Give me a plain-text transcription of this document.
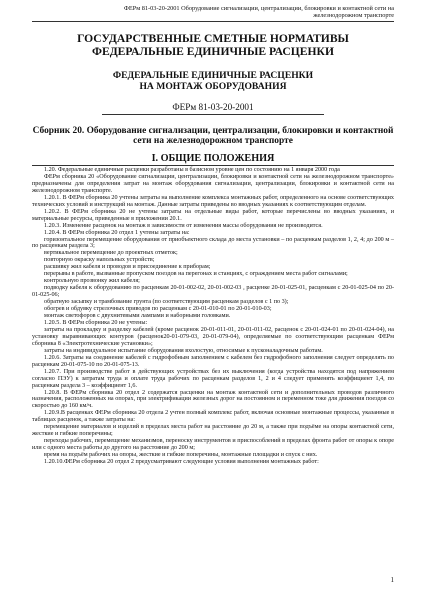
ФЕРм 81-03-20-2001 Оборудование сигнализации, централизации, блокировки и контактной сети на
железнодорожном транспорте
ГОСУДАРСТВЕННЫЕ СМЕТНЫЕ НОРМАТИВЫ
ФЕДЕРАЛЬНЫЕ ЕДИНИЧНЫЕ РАСЦЕНКИ
ФЕДЕРАЛЬНЫЕ ЕДИНИЧНЫЕ РАСЦЕНКИ
НА МОНТАЖ ОБОРУДОВАНИЯ
ФЕРм 81-03-20-2001
Сборник 20. Оборудование сигнализации, централизации, блокировки и контактной сети на железнодорожном транспорте
I. ОБЩИЕ ПОЛОЖЕНИЯ

1.20. Федеральные единичные расценки разработаны в базисном уровне цен по состоянию на 1 января 2000 года

ФЕРм сборника 20 «Оборудование сигнализации, централизации, блокировки и контактной сети на железнодорожном транспорте» предназначены для определения затрат на монтаж оборудования сигнализации, централизации, блокировки и контактной сети на железнодорожном транспорте.

1.20.1. В ФЕРм сборника 20 учтены затраты на выполнение комплекса монтажных работ, определенного на основе соответствующих технических условий и инструкций на монтаж. Данные затраты приведены во вводных указаниях к соответствующим отделам.

1.20.2. В ФЕРм сборника 20 не учтены затраты на отдельные виды работ, которые перечислены во вводных указаниях, и материальные ресурсы, приведенные в приложении 20.1.

1.20.3. Изменение расценок на монтаж в зависимости от изменения массы оборудования не производится.

1.20.4. В ФЕРм сборника 20 отдел 1 учтены затраты на:

горизонтальное перемещение оборудования от приобъектного склада до места установки – по расценкам разделов 1, 2, 4; до 200 м – по расценкам раздела 3;

вертикальное перемещение до проектных отметок;

повторную окраску напольных устройств;

расшивку жил кабеля и проводов и присоединение к приборам;

перерывы в работе, вызванные пропуском поездов на перегонах и станциях, с ограждением места работ сигналами;

контрольную прозвонку жил кабеля;

подводку кабеля к оборудованию по расценкам 20-01-002-02, 20-01-002-03 , расценке 20-01-025-01, расценкам с 20-01-025-04 по 20-01-025-06;

обратную засыпку и трамбование грунта (по соответствующим расценкам разделов с 1 по 3);

обогрев и обдувку стрелочных приводов по расценкам с 20-01-010-01 по 20-01-010-03;

монтаж светофоров с двухнитевыми лампами и наборными головками.

1.20.5. В ФЕРм сборника 20 не учтены:

затраты на прокладку и разделку кабелей (кроме расценок 20-01-011-01, 20-01-011-02, расценок с 20-01-024-01 по 20-01-024-04), на установку выравнивающих контуров (расценок20-01-079-03, 20-01-079-04), определяемые по соответствующим расценкам ФЕРм сборника 8 «Электротехнические установки»;

затраты на индивидуальное испытание оборудования вхолостую, относимые к пусконаладочным работам.

1.20.6. Затраты на соединение кабелей с гидрофобным заполнением с кабелем без гидрофобного заполнения следует определять по расценкам 20-01-075-10 по 20-01-075-13.

1.20.7. При производстве работ в действующих устройствах без их выключения (когда устройства находятся под напряжением согласно ПЭУ) к затратам труда и оплате труда рабочих по расценкам разделов 1, 2 и 4 следует применять коэффициент 1,4, по расценкам раздела 3 – коэффициент 1,6.

1.20.8. В ФЕРм сборника 20 отдел 2 содержатся расценки на монтаж контактной сети и дополнительных проводов различного назначения, расположенных на опорах, при электрификации железных дорог на постоянном и переменном токе для движения поездов со скоростью до 160 км/ч.

1.20.9.В расценках ФЕРм сборника 20 отдела 2 учтен полный комплекс работ, включая основные монтажные процессы, указанные в таблицах расценок, а также затраты на:

перемещение материалов и изделий в пределах места работ на расстояние до 20 м, а также при подъёме на опоры контактной сети, жесткие и гибкие поперечины;

переходы рабочих, перемещение механизмов, переноску инструментов и приспособлений в пределах фронта работ от опоры к опоре или с одного места работы до другого на расстояние до 200 м;

время на подъём рабочих на опоры, жесткие и гибкие поперечины, монтажные площадки и спуск с них.

1.20.10.ФЕРм сборника 20 отдел 2 предусматривают следующие условия выполнения монтажных работ:

1
